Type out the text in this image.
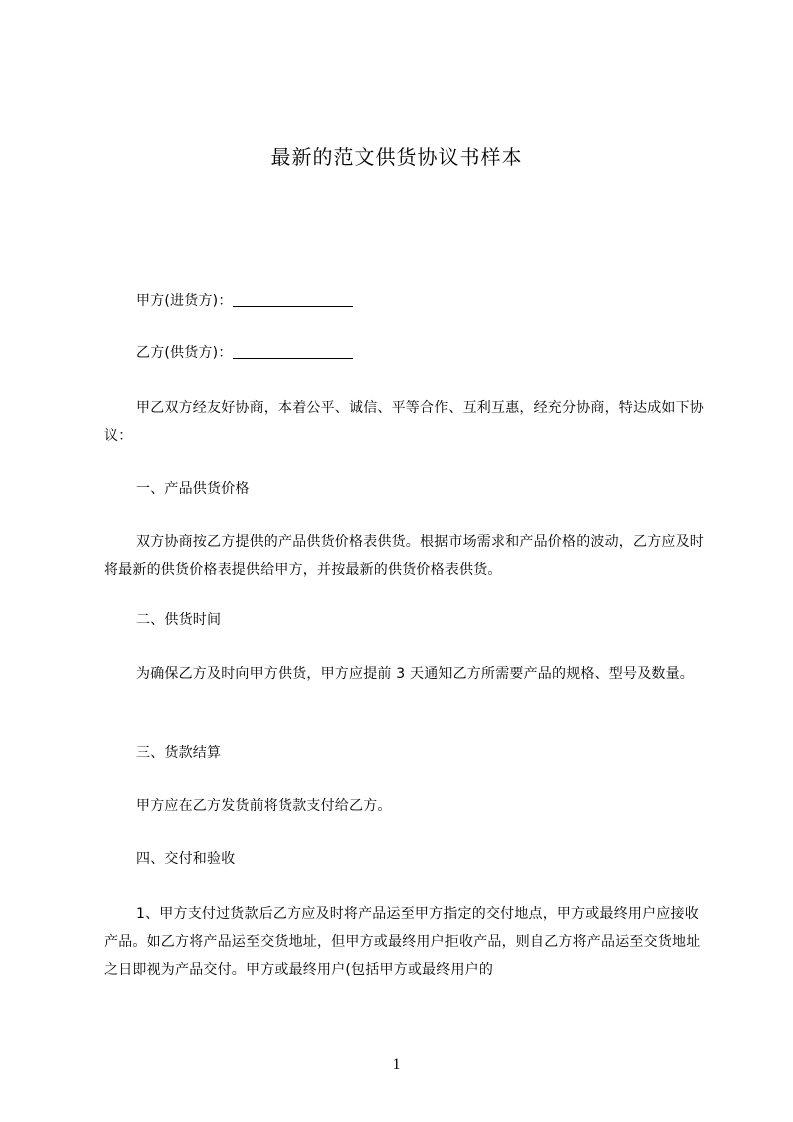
最新的范文供货协议书样本
甲方(进货方)：
乙方(供货方)：
甲乙双方经友好协商，本着公平、诚信、平等合作、互利互惠，经充分协商，特达成如下协议：
一、产品供货价格
双方协商按乙方提供的产品供货价格表供货。根据市场需求和产品价格的波动，乙方应及时将最新的供货价格表提供给甲方，并按最新的供货价格表供货。
二、供货时间
为确保乙方及时向甲方供货，甲方应提前 3 天通知乙方所需要产品的规格、型号及数量。
三、货款结算
甲方应在乙方发货前将货款支付给乙方。
四、交付和验收
1、甲方支付过货款后乙方应及时将产品运至甲方指定的交付地点，甲方或最终用户应接收产品。如乙方将产品运至交货地址，但甲方或最终用户拒收产品，则自乙方将产品运至交货地址之日即视为产品交付。甲方或最终用户(包括甲方或最终用户的
1
